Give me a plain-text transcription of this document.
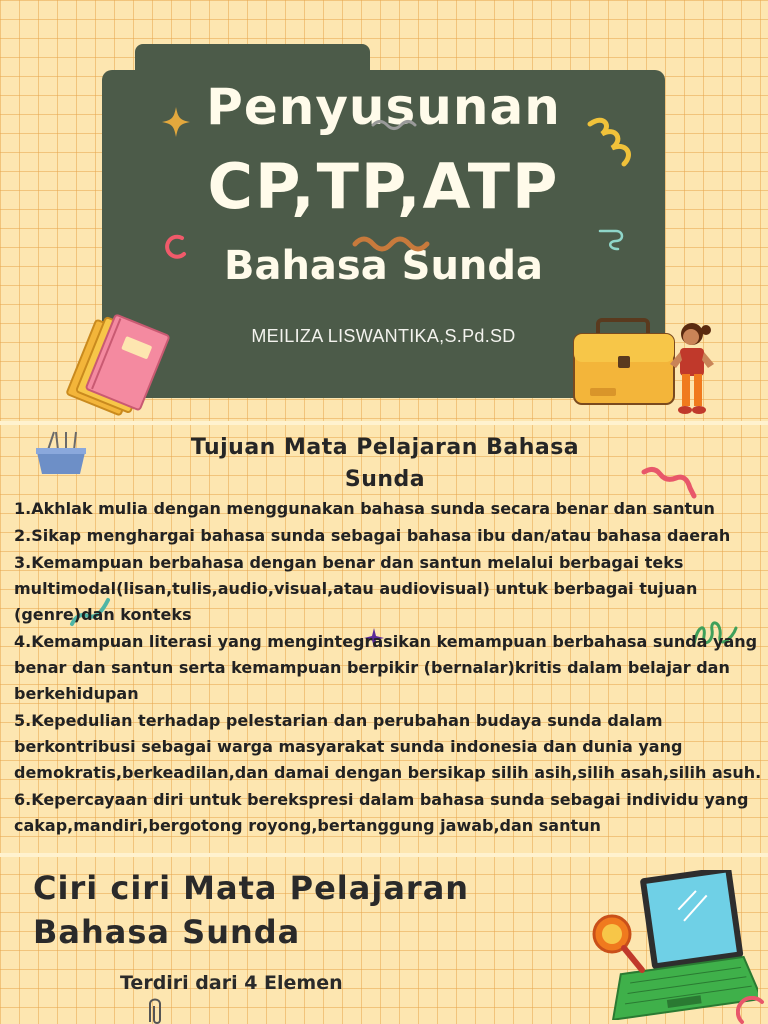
Penyusunan
CP,TP,ATP
Bahasa Sunda
MEILIZA LISWANTIKA,S.Pd.SD
Tujuan Mata Pelajaran Bahasa Sunda
1.Akhlak mulia dengan menggunakan bahasa sunda secara benar dan santun
2.Sikap menghargai bahasa sunda sebagai bahasa ibu dan/atau bahasa daerah
3.Kemampuan berbahasa dengan benar dan santun melalui berbagai teks multimodal(lisan,tulis,audio,visual,atau audiovisual) untuk berbagai tujuan (genre)dan konteks
4.Kemampuan literasi yang mengintegrasikan kemampuan berbahasa sunda yang benar dan santun serta kemampuan berpikir (bernalar)kritis dalam belajar dan berkehidupan
5.Kepedulian terhadap pelestarian dan perubahan budaya sunda dalam berkontribusi sebagai warga masyarakat sunda indonesia dan dunia yang demokratis,berkeadilan,dan damai dengan bersikap silih asih,silih asah,silih asuh.
6.Kepercayaan diri untuk berekspresi dalam bahasa sunda sebagai individu yang cakap,mandiri,bergotong royong,bertanggung jawab,dan santun
Ciri ciri Mata Pelajaran
Bahasa Sunda
Terdiri dari 4 Elemen
